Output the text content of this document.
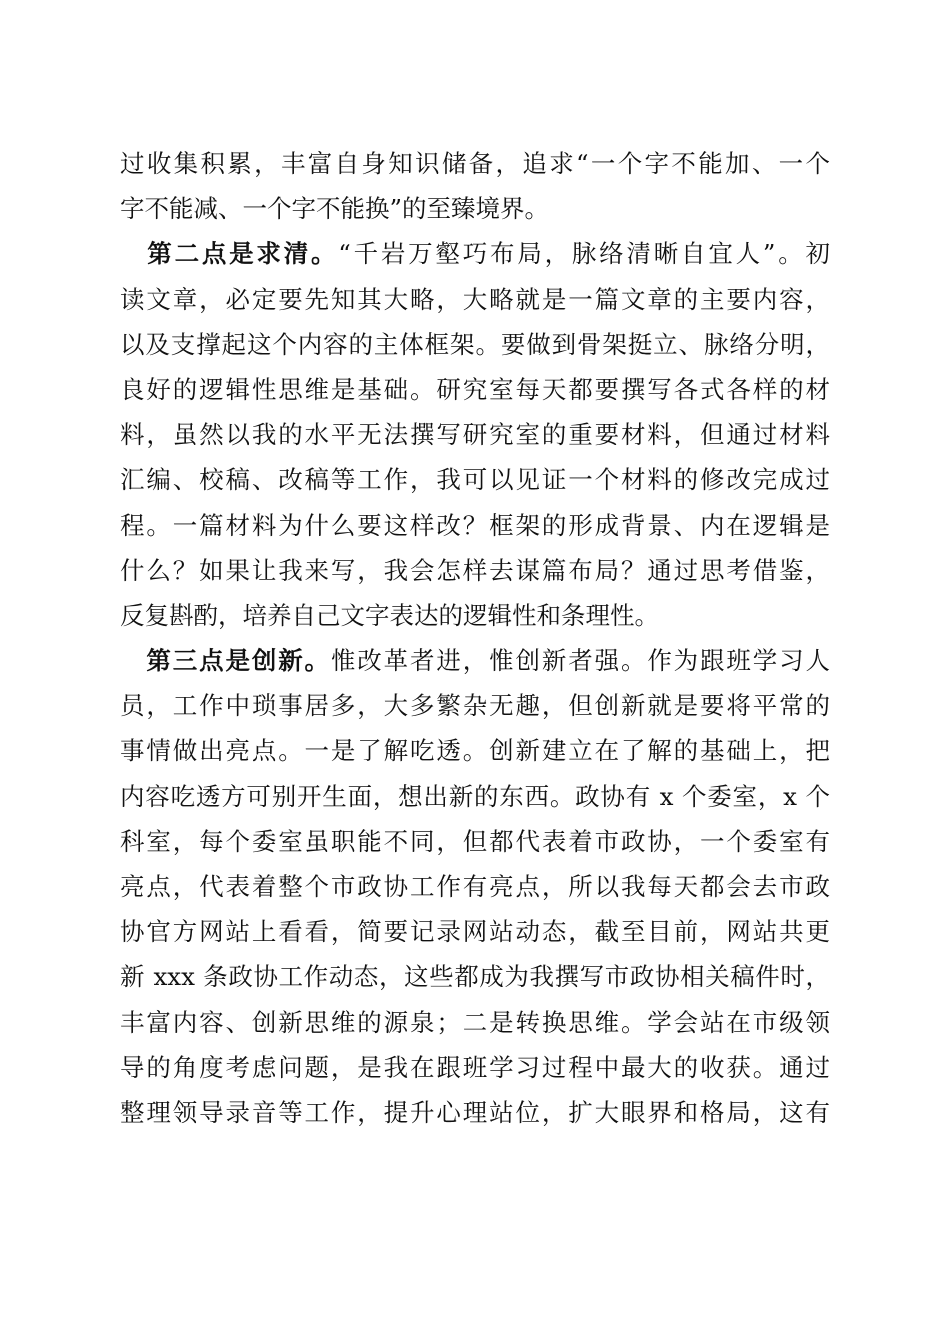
过收集积累，丰富自身知识储备，追求“一个字不能加、一个
字不能减、一个字不能换”的至臻境界。
　第二点是求清。“千岩万壑巧布局，脉络清晰自宜人”。初
读文章，必定要先知其大略，大略就是一篇文章的主要内容，
以及支撑起这个内容的主体框架。要做到骨架挺立、脉络分明，
良好的逻辑性思维是基础。研究室每天都要撰写各式各样的材
料，虽然以我的水平无法撰写研究室的重要材料，但通过材料
汇编、校稿、改稿等工作，我可以见证一个材料的修改完成过
程。一篇材料为什么要这样改？框架的形成背景、内在逻辑是
什么？如果让我来写，我会怎样去谋篇布局？通过思考借鉴，
反复斟酌，培养自己文字表达的逻辑性和条理性。
　第三点是创新。惟改革者进，惟创新者强。作为跟班学习人
员，工作中琐事居多，大多繁杂无趣，但创新就是要将平常的
事情做出亮点。一是了解吃透。创新建立在了解的基础上，把
内容吃透方可别开生面，想出新的东西。政协有 x 个委室，x 个
科室，每个委室虽职能不同，但都代表着市政协，一个委室有
亮点，代表着整个市政协工作有亮点，所以我每天都会去市政
协官方网站上看看，简要记录网站动态，截至目前，网站共更
新 xxx 条政协工作动态，这些都成为我撰写市政协相关稿件时，
丰富内容、创新思维的源泉；二是转换思维。学会站在市级领
导的角度考虑问题，是我在跟班学习过程中最大的收获。通过
整理领导录音等工作，提升心理站位，扩大眼界和格局，这有
